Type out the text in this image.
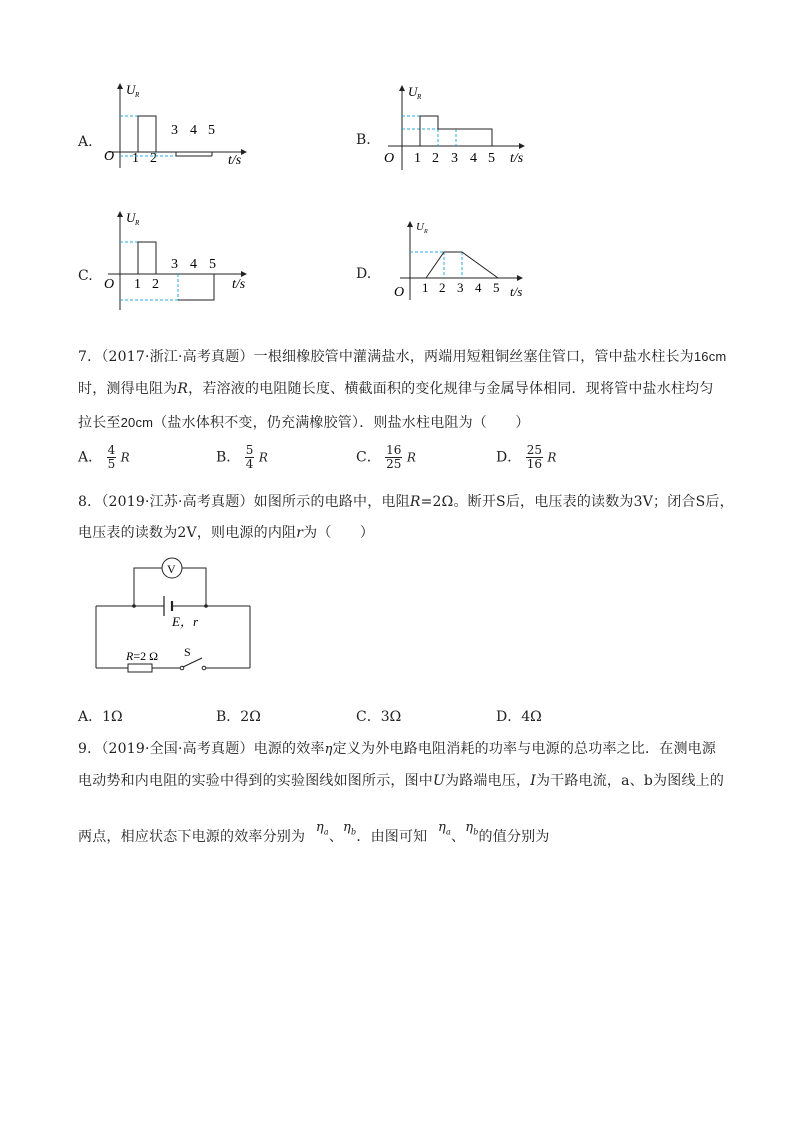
A.
U R
O	t/s
1 2
3 4 5
B.
U R
O	t/s
1 2 3 4 5
C.
U R
O	t/s
1 2
3 4 5
D.
U R
O	t/s
1 2 3 4 5
7．（2017·浙江·高考真题）一根细橡胶管中灌满盐水，两端用短粗铜丝塞住管口，管中盐水柱长为16cm
时，测得电阻为R，若溶液的电阻随长度、横截面积的变化规律与金属导体相同．现将管中盐水柱均匀
拉长至20cm（盐水体积不变，仍充满橡胶管）．则盐水柱电阻为（　　）
A． $\frac{4}{5}$ R	B． $\frac{5}{4}$ R	C． $\frac{16}{25}$ R	D． $\frac{25}{16}$ R
8．（2019·江苏·高考真题）如图所示的电路中，电阻R=2Ω。断开S后，电压表的读数为3V；闭合S后，
电压表的读数为2V，则电源的内阻r为（　　）
V
E，r
R=2 Ω S
A．1Ω	B．2Ω	C．3Ω	D．4Ω
9．（2019·全国·高考真题）电源的效率η定义为外电路电阻消耗的功率与电源的总功率之比．在测电源
电动势和内电阻的实验中得到的实验图线如图所示，图中U为路端电压，I为干路电流，a、b为图线上的
两点，相应状态下电源的效率分别为 $\eta_a$、$\eta_b$．由图可知 $\eta_a$、$\eta_b$的值分别为
